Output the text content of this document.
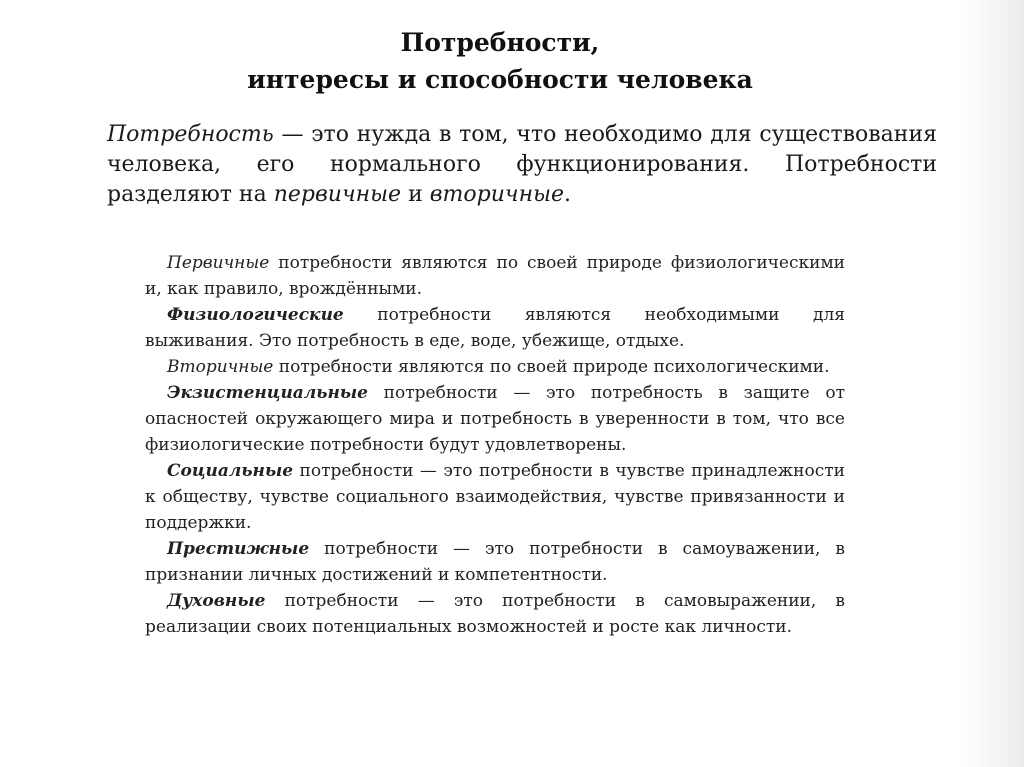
Потребности,
интересы и способности человека
Потребность — это нужда в том, что необходимо для существования человека, его нормального функционирования. Потребности разделяют на первичные и вторичные.

Первичные потребности являются по своей природе физиологическими и, как правило, врождёнными.

Физиологические потребности являются необходимыми для выживания. Это потребность в еде, воде, убежище, отдыхе.

Вторичные потребности являются по своей природе психологическими.

Экзистенциальные потребности — это потребность в защите от опасностей окружающего мира и потребность в уверенности в том, что все физиологические потребности будут удовлетворены.

Социальные потребности — это потребности в чувстве принадлежности к обществу, чувстве социального взаимодействия, чувстве привязанности и поддержки.

Престижные потребности — это потребности в самоуважении, в признании личных достижений и компетентности.

Духовные потребности — это потребности в самовыражении, в реализации своих потенциальных возможностей и росте как личности.
